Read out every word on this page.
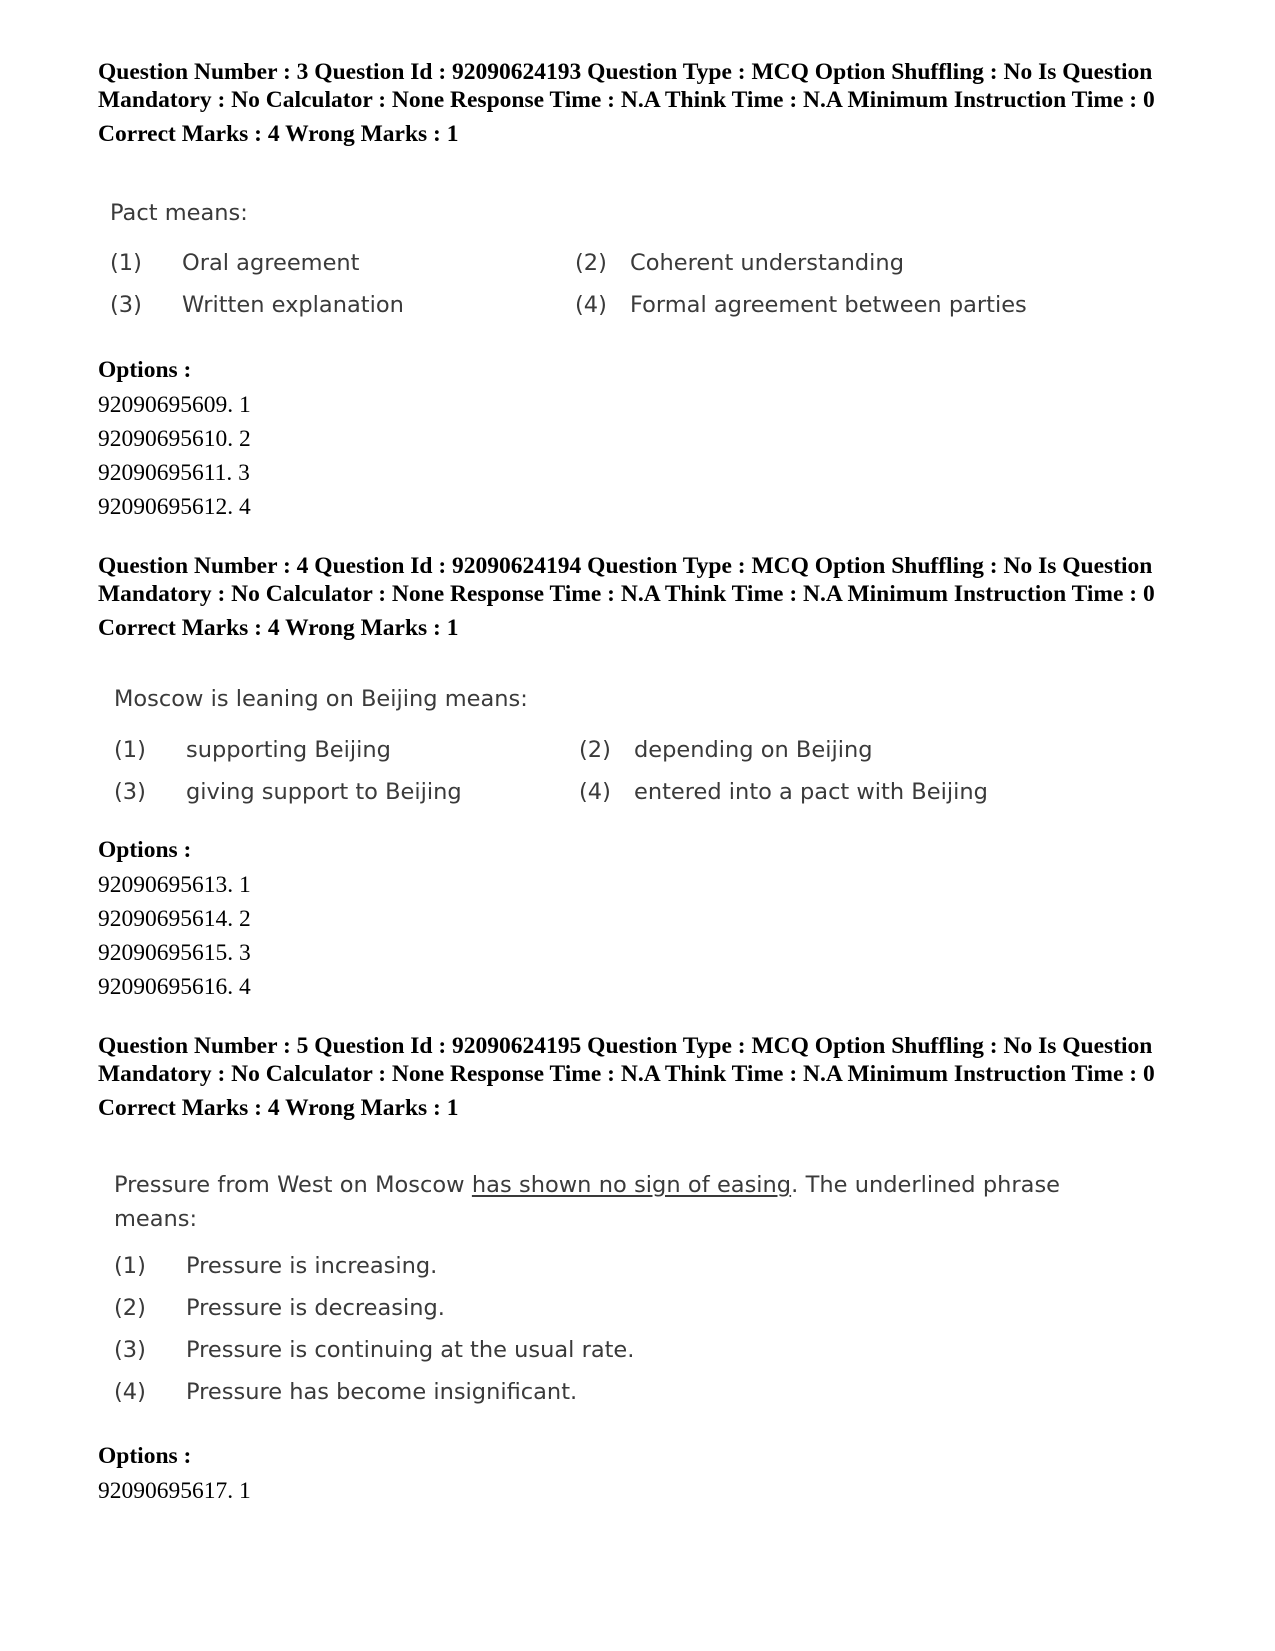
Question Number : 3 Question Id : 92090624193 Question Type : MCQ Option Shuffling : No Is Question Mandatory : No Calculator : None Response Time : N.A Think Time : N.A Minimum Instruction Time : 0
Correct Marks : 4 Wrong Marks : 1
Pact means:
(1) Oral agreement	(2) Coherent understanding
(3) Written explanation	(4) Formal agreement between parties
Options :
92090695609. 1
92090695610. 2
92090695611. 3
92090695612. 4
Question Number : 4 Question Id : 92090624194 Question Type : MCQ Option Shuffling : No Is Question Mandatory : No Calculator : None Response Time : N.A Think Time : N.A Minimum Instruction Time : 0
Correct Marks : 4 Wrong Marks : 1
Moscow is leaning on Beijing means:
(1) supporting Beijing	(2) depending on Beijing
(3) giving support to Beijing	(4) entered into a pact with Beijing
Options :
92090695613. 1
92090695614. 2
92090695615. 3
92090695616. 4
Question Number : 5 Question Id : 92090624195 Question Type : MCQ Option Shuffling : No Is Question Mandatory : No Calculator : None Response Time : N.A Think Time : N.A Minimum Instruction Time : 0
Correct Marks : 4 Wrong Marks : 1
Pressure from West on Moscow has shown no sign of easing. The underlined phrase means:
(1) Pressure is increasing.
(2) Pressure is decreasing.
(3) Pressure is continuing at the usual rate.
(4) Pressure has become insignificant.
Options :
92090695617. 1
